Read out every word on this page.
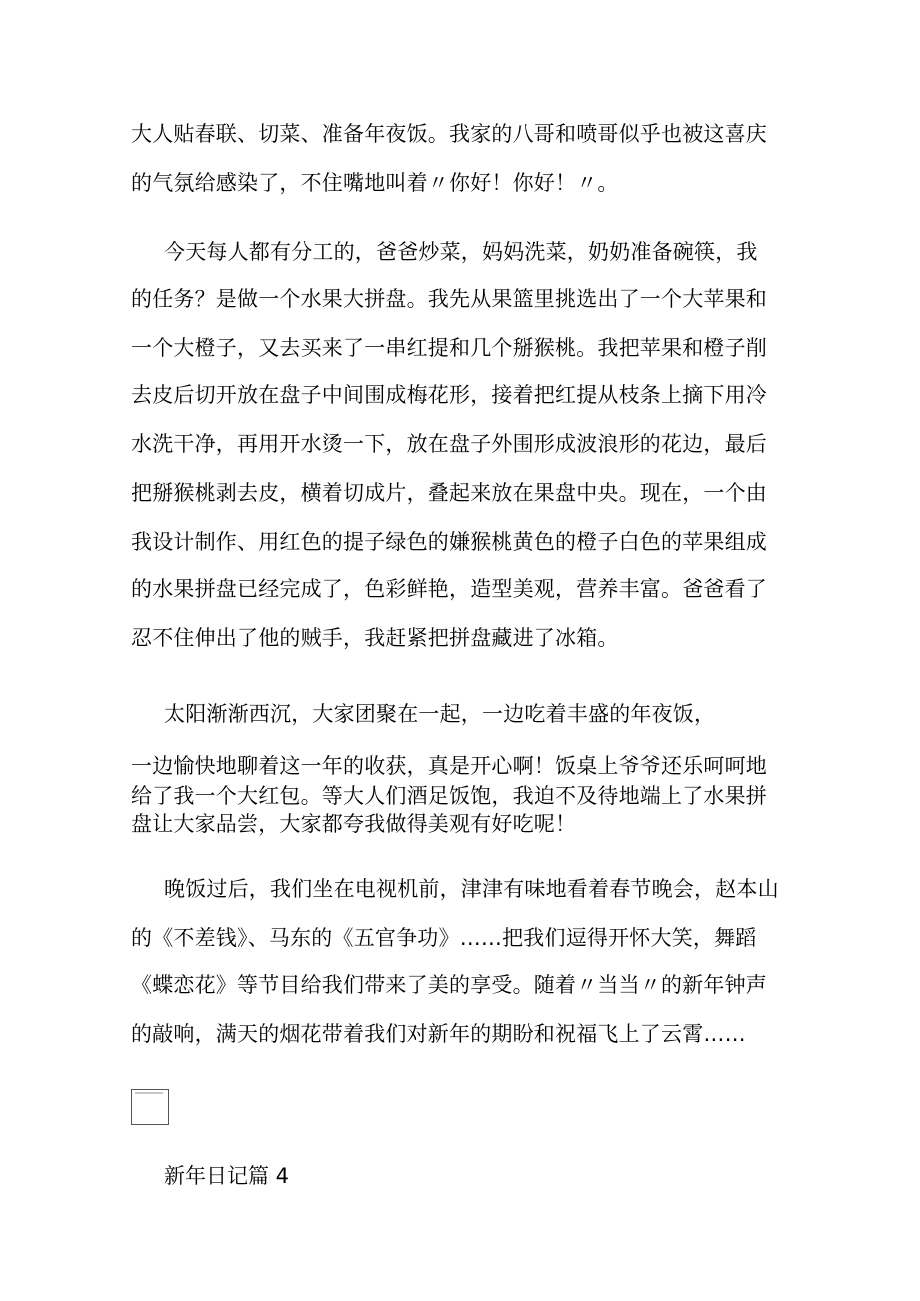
大人贴春联、切菜、准备年夜饭。我家的八哥和喷哥似乎也被这喜庆
的气氛给感染了，不住嘴地叫着〃你好！你好！〃。
今天每人都有分工的，爸爸炒菜，妈妈洗菜，奶奶准备碗筷，我
的任务？是做一个水果大拼盘。我先从果篮里挑选出了一个大苹果和
一个大橙子，又去买来了一串红提和几个掰猴桃。我把苹果和橙子削
去皮后切开放在盘子中间围成梅花形，接着把红提从枝条上摘下用冷
水洗干净，再用开水烫一下，放在盘子外围形成波浪形的花边，最后
把掰猴桃剥去皮，横着切成片，叠起来放在果盘中央。现在，一个由
我设计制作、用红色的提子绿色的嫌猴桃黄色的橙子白色的苹果组成
的水果拼盘已经完成了，色彩鲜艳，造型美观，营养丰富。爸爸看了
忍不住伸出了他的贼手，我赶紧把拼盘藏进了冰箱。
太阳渐渐西沉，大家团聚在一起，一边吃着丰盛的年夜饭，
一边愉快地聊着这一年的收获，真是开心啊！饭桌上爷爷还乐呵呵地
给了我一个大红包。等大人们酒足饭饱，我迫不及待地端上了水果拼
盘让大家品尝，大家都夸我做得美观有好吃呢！
晚饭过后，我们坐在电视机前，津津有味地看着春节晚会，赵本山
的《不差钱》、马东的《五官争功》……把我们逗得开怀大笑，舞蹈
《蝶恋花》等节目给我们带来了美的享受。随着〃当当〃的新年钟声
的敲响，满天的烟花带着我们对新年的期盼和祝福飞上了云霄……
新年日记篇 4
